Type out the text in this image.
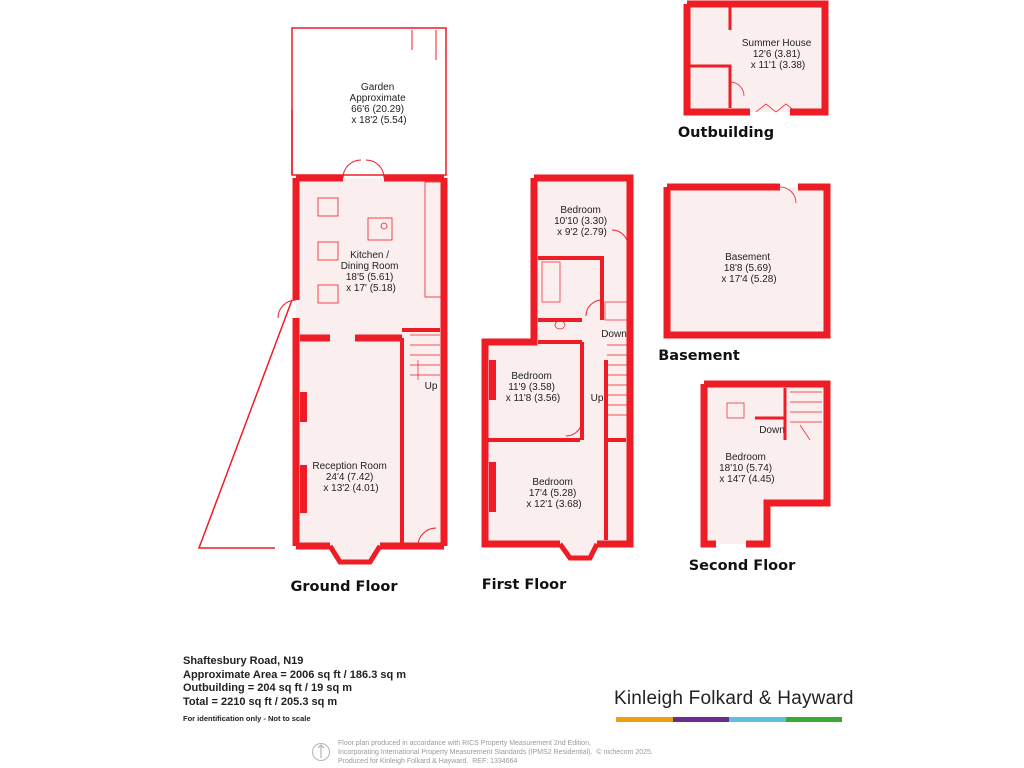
Garden Approximate 66'6 (20.29) x 18'2 (5.54)
Kitchen / Dining Room 18'5 (5.61) x 17' (5.18)
Reception Room 24'4 (7.42) x 13'2 (4.01)
Up
Ground Floor
Bedroom 10'10 (3.30) x 9'2 (2.79)
Bedroom 11'9 (3.58) x 11'8 (3.56)
Bedroom 17'4 (5.28) x 12'1 (3.68)
Down
Up
First Floor
Summer House 12'6 (3.81) x 11'1 (3.38)
Outbuilding
Basement 18'8 (5.69) x 17'4 (5.28)
Basement
Down
Bedroom 18'10 (5.74) x 14'7 (4.45)
Second Floor
Shaftesbury Road, N19
Approximate Area = 2006 sq ft / 186.3 sq m
Outbuilding = 204 sq ft / 19 sq m
Total = 2210 sq ft / 205.3 sq m
For identification only - Not to scale
Kinleigh Folkard & Hayward
Floor plan produced in accordance with RICS Property Measurement 2nd Edition,
Incorporating International Property Measurement Standards (IPMS2 Residential). © nichecom 2025.
Produced for Kinleigh Folkard & Hayward. REF: 1334664
